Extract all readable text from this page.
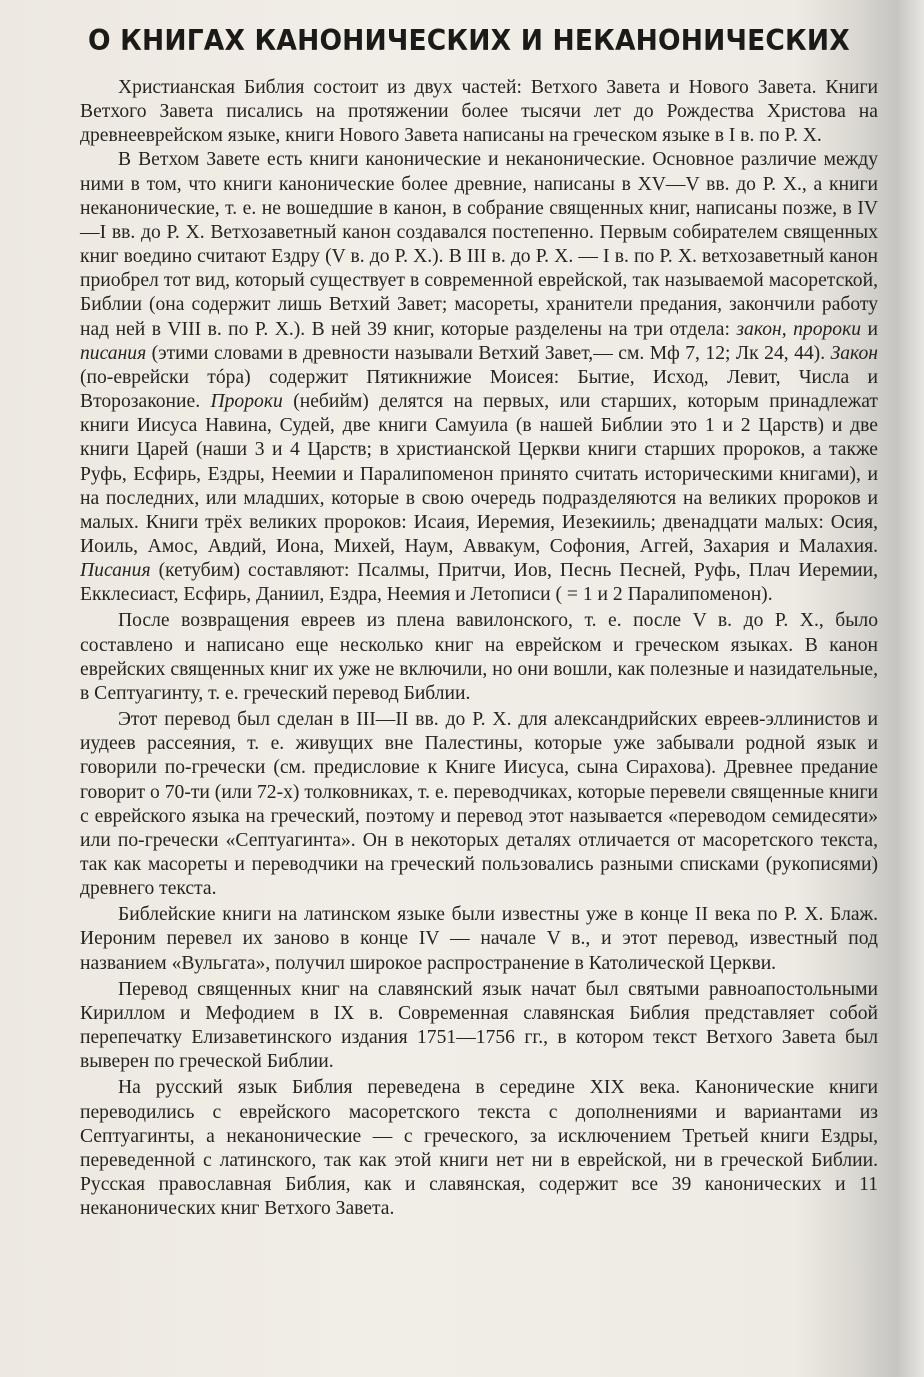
О КНИГАХ КАНОНИЧЕСКИХ И НЕКАНОНИЧЕСКИХ

Христианская Библия состоит из двух частей: Ветхого Завета и Нового Завета. Книги Ветхого Завета писались на протяжении более тысячи лет до Рождества Христова на древнееврейском языке, книги Нового Завета написаны на греческом языке в I в. по Р. Х.

В Ветхом Завете есть книги канонические и неканонические. Основное различие между ними в том, что книги канонические более древние, написаны в XV—V вв. до Р. Х., а книги неканонические, т. е. не вошедшие в канон, в собрание священных книг, написаны позже, в IV—I вв. до Р. Х. Ветхозаветный канон создавался постепенно. Первым собирателем священных книг воедино считают Ездру (V в. до Р. Х.). В III в. до Р. Х. — I в. по Р. Х. ветхозаветный канон приобрел тот вид, который существует в современной еврейской, так называемой масоретской, Библии (она содержит лишь Ветхий Завет; масореты, хранители предания, закончили работу над ней в VIII в. по Р. Х.). В ней 39 книг, которые разделены на три отдела: закон, пророки и писания (этими словами в древности называли Ветхий Завет,— см. Мф 7, 12; Лк 24, 44). Закон (по-еврейски тóра) содержит Пятикнижие Моисея: Бытие, Исход, Левит, Числа и Второзаконие. Пророки (небийм) делятся на первых, или старших, которым принадлежат книги Иисуса Навина, Судей, две книги Самуила (в нашей Библии это 1 и 2 Царств) и две книги Царей (наши 3 и 4 Царств; в христианской Церкви книги старших пророков, а также Руфь, Есфирь, Ездры, Неемии и Паралипоменон принято считать историческими книгами), и на последних, или младших, которые в свою очередь подразделяются на великих пророков и малых. Книги трёх великих пророков: Исаия, Иеремия, Иезекииль; двенадцати малых: Осия, Иоиль, Амос, Авдий, Иона, Михей, Наум, Аввакум, Софония, Аггей, Захария и Малахия. Писания (кетубим) составляют: Псалмы, Притчи, Иов, Песнь Песней, Руфь, Плач Иеремии, Екклесиаст, Есфирь, Даниил, Ездра, Неемия и Летописи ( = 1 и 2 Паралипоменон).

После возвращения евреев из плена вавилонского, т. е. после V в. до Р. Х., было составлено и написано еще несколько книг на еврейском и греческом языках. В канон еврейских священных книг их уже не включили, но они вошли, как полезные и назидательные, в Септуагинту, т. е. греческий перевод Библии.

Этот перевод был сделан в III—II вв. до Р. Х. для александрийских евреев-эллинистов и иудеев рассеяния, т. е. живущих вне Палестины, которые уже забывали родной язык и говорили по-гречески (см. предисловие к Книге Иисуса, сына Сирахова). Древнее предание говорит о 70-ти (или 72-х) толковниках, т. е. переводчиках, которые перевели священные книги с еврейского языка на греческий, поэтому и перевод этот называется «переводом семидесяти» или по-гречески «Септуагинта». Он в некоторых деталях отличается от масоретского текста, так как масореты и переводчики на греческий пользовались разными списками (рукописями) древнего текста.

Библейские книги на латинском языке были известны уже в конце II века по Р. Х. Блаж. Иероним перевел их заново в конце IV — начале V в., и этот перевод, известный под названием «Вульгата», получил широкое распространение в Католической Церкви.

Перевод священных книг на славянский язык начат был святыми равноапостольными Кириллом и Мефодием в IX в. Современная славянская Библия представляет собой перепечатку Елизаветинского издания 1751—1756 гг., в котором текст Ветхого Завета был выверен по греческой Библии.

На русский язык Библия переведена в середине XIX века. Канонические книги переводились с еврейского масоретского текста с дополнениями и вариантами из Септуагинты, а неканонические — с греческого, за исключением Третьей книги Ездры, переведенной с латинского, так как этой книги нет ни в еврейской, ни в греческой Библии. Русская православная Библия, как и славянская, содержит все 39 канонических и 11 неканонических книг Ветхого Завета.
